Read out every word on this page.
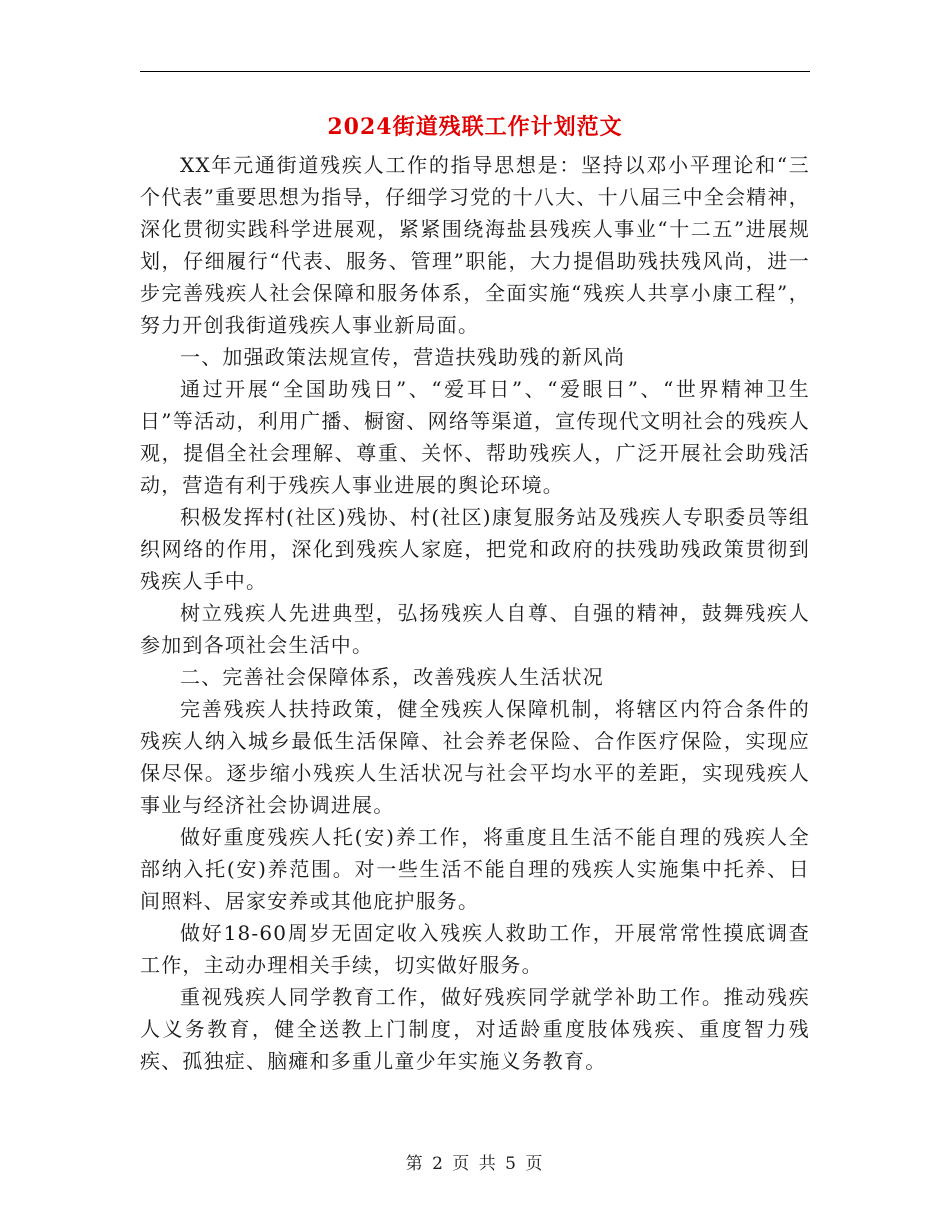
2024街道残联工作计划范文

XX年元通街道残疾人工作的指导思想是：坚持以邓小平理论和“三个代表”重要思想为指导，仔细学习党的十八大、十八届三中全会精神，深化贯彻实践科学进展观，紧紧围绕海盐县残疾人事业“十二五”进展规划，仔细履行“代表、服务、管理”职能，大力提倡助残扶残风尚，进一步完善残疾人社会保障和服务体系，全面实施“残疾人共享小康工程”，努力开创我街道残疾人事业新局面。

一、加强政策法规宣传，营造扶残助残的新风尚

通过开展“全国助残日”、“爱耳日”、“爱眼日”、“世界精神卫生日”等活动，利用广播、橱窗、网络等渠道，宣传现代文明社会的残疾人观，提倡全社会理解、尊重、关怀、帮助残疾人，广泛开展社会助残活动，营造有利于残疾人事业进展的舆论环境。

积极发挥村(社区)残协、村(社区)康复服务站及残疾人专职委员等组织网络的作用，深化到残疾人家庭，把党和政府的扶残助残政策贯彻到残疾人手中。

树立残疾人先进典型，弘扬残疾人自尊、自强的精神，鼓舞残疾人参加到各项社会生活中。

二、完善社会保障体系，改善残疾人生活状况

完善残疾人扶持政策，健全残疾人保障机制，将辖区内符合条件的残疾人纳入城乡最低生活保障、社会养老保险、合作医疗保险，实现应保尽保。逐步缩小残疾人生活状况与社会平均水平的差距，实现残疾人事业与经济社会协调进展。

做好重度残疾人托(安)养工作，将重度且生活不能自理的残疾人全部纳入托(安)养范围。对一些生活不能自理的残疾人实施集中托养、日间照料、居家安养或其他庇护服务。

做好18-60周岁无固定收入残疾人救助工作，开展常常性摸底调查工作，主动办理相关手续，切实做好服务。

重视残疾人同学教育工作，做好残疾同学就学补助工作。推动残疾人义务教育，健全送教上门制度，对适龄重度肢体残疾、重度智力残疾、孤独症、脑瘫和多重儿童少年实施义务教育。

第 2 页 共 5 页
